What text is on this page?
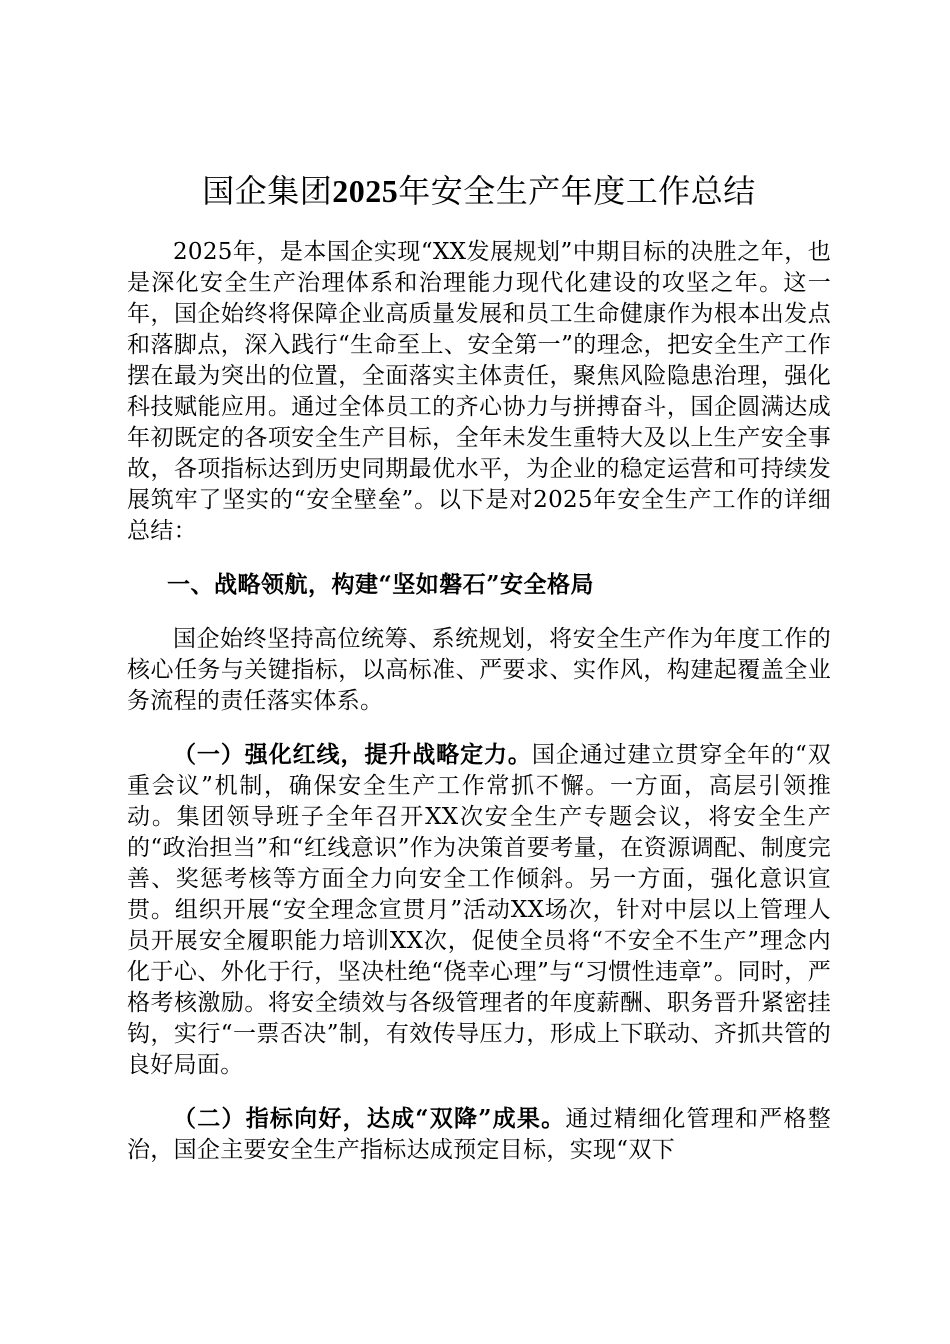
国企集团2025年安全生产年度工作总结

2025年，是本国企实现“XX发展规划”中期目标的决胜之年，也是深化安全生产治理体系和治理能力现代化建设的攻坚之年。这一年，国企始终将保障企业高质量发展和员工生命健康作为根本出发点和落脚点，深入践行“生命至上、安全第一”的理念，把安全生产工作摆在最为突出的位置，全面落实主体责任，聚焦风险隐患治理，强化科技赋能应用。通过全体员工的齐心协力与拼搏奋斗，国企圆满达成年初既定的各项安全生产目标，全年未发生重特大及以上生产安全事故，各项指标达到历史同期最优水平，为企业的稳定运营和可持续发展筑牢了坚实的“安全壁垒”。以下是对2025年安全生产工作的详细总结：

一、战略领航，构建“坚如磐石”安全格局

国企始终坚持高位统筹、系统规划，将安全生产作为年度工作的核心任务与关键指标，以高标准、严要求、实作风，构建起覆盖全业务流程的责任落实体系。

（一）强化红线，提升战略定力。国企通过建立贯穿全年的“双重会议”机制，确保安全生产工作常抓不懈。一方面，高层引领推动。集团领导班子全年召开XX次安全生产专题会议，将安全生产的“政治担当”和“红线意识”作为决策首要考量，在资源调配、制度完善、奖惩考核等方面全力向安全工作倾斜。另一方面，强化意识宣贯。组织开展“安全理念宣贯月”活动XX场次，针对中层以上管理人员开展安全履职能力培训XX次，促使全员将“不安全不生产”理念内化于心、外化于行，坚决杜绝“侥幸心理”与“习惯性违章”。同时，严格考核激励。将安全绩效与各级管理者的年度薪酬、职务晋升紧密挂钩，实行“一票否决”制，有效传导压力，形成上下联动、齐抓共管的良好局面。

（二）指标向好，达成“双降”成果。通过精细化管理和严格整治，国企主要安全生产指标达成预定目标，实现“双下
